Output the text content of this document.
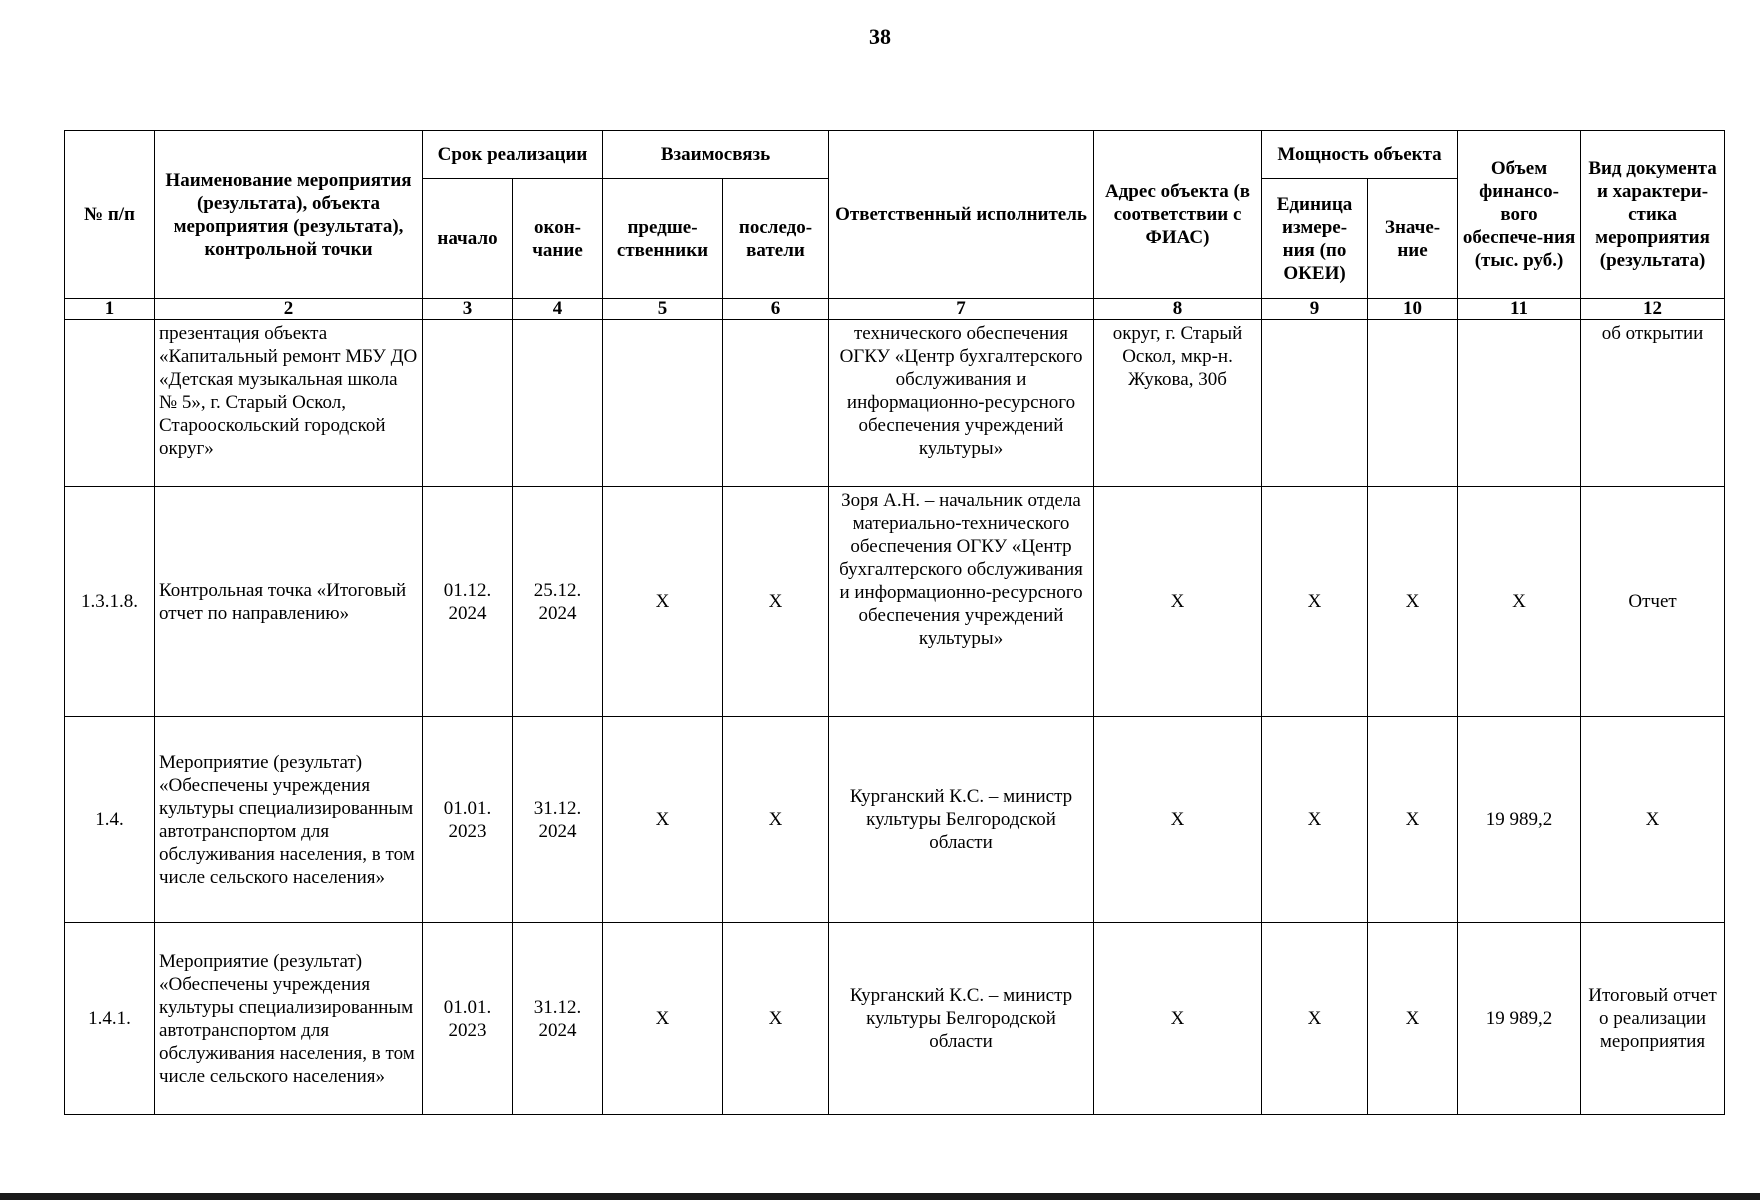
38
№ п/п	Наименование мероприятия (результата), объекта мероприятия (результата), контрольной точки	Срок реализации		Взаимосвязь		Ответственный исполнитель	Адрес объекта (в соответствии с ФИАС)	Мощность объекта		Объем финансо-вого обеспече-ния (тыс. руб.)	Вид документа и характери-стика мероприятия (результата)
		начало	окон-чание	предше-ственники	последо-ватели			Единица измере-ния (по ОКЕИ)	Значе-ние		
1	2	3	4	5	6	7	8	9	10	11	12
	презентация объекта «Капитальный ремонт МБУ ДО «Детская музыкальная школа № 5», г. Старый Оскол, Старооскольский городской округ»					технического обеспечения ОГКУ «Центр бухгалтерского обслуживания и информационно-ресурсного обеспечения учреждений культуры»	округ, г. Старый Оскол, мкр-н. Жукова, 30б				об открытии
1.3.1.8.	Контрольная точка «Итоговый отчет по направлению»	01.12. 2024	25.12. 2024	X	X	Зоря А.Н. – начальник отдела материально-технического обеспечения ОГКУ «Центр бухгалтерского обслуживания и информационно-ресурсного обеспечения учреждений культуры»	X	X	X	X	Отчет
1.4.	Мероприятие (результат) «Обеспечены учреждения культуры специализированным автотранспортом для обслуживания населения, в том числе сельского населения»	01.01. 2023	31.12. 2024	X	X	Курганский К.С. – министр культуры Белгородской области	X	X	X	19 989,2	X
1.4.1.	Мероприятие (результат) «Обеспечены учреждения культуры специализированным автотранспортом для обслуживания населения, в том числе сельского населения»	01.01. 2023	31.12. 2024	X	X	Курганский К.С. – министр культуры Белгородской области	X	X	X	19 989,2	Итоговый отчет о реализации мероприятия
